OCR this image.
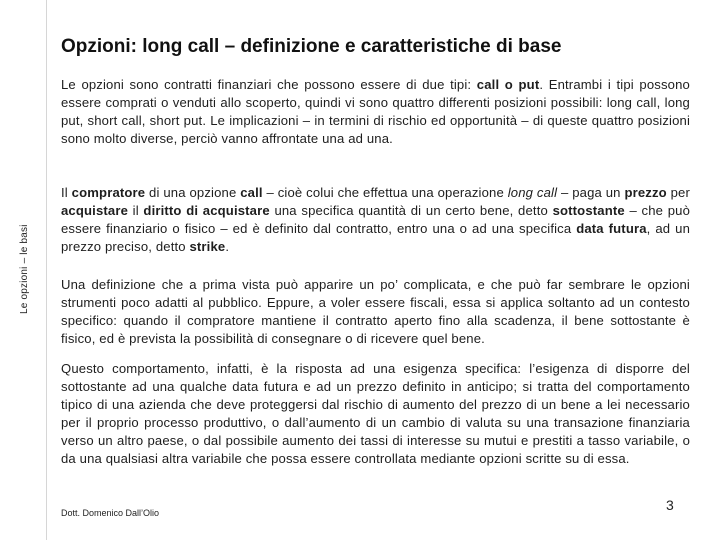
Le opzioni – le basi
Opzioni: long call – definizione e caratteristiche di base

Le opzioni sono contratti finanziari che possono essere di due tipi: call o put. Entrambi i tipi possono essere comprati o venduti allo scoperto, quindi vi sono quattro differenti posizioni possibili: long call, long put, short call, short put. Le implicazioni – in termini di rischio ed opportunità – di queste quattro posizioni sono molto diverse, perciò vanno affrontate una ad una.

Il compratore di una opzione call – cioè colui che effettua una operazione long call – paga un prezzo per acquistare il diritto di acquistare una specifica quantità di un certo bene, detto sottostante – che può essere finanziario o fisico – ed è definito dal contratto, entro una o ad una specifica data futura, ad un prezzo preciso, detto strike.

Una definizione che a prima vista può apparire un po’ complicata, e che può far sembrare le opzioni strumenti poco adatti al pubblico. Eppure, a voler essere fiscali, essa si applica soltanto ad un contesto specifico: quando il compratore mantiene il contratto aperto fino alla scadenza, il bene sottostante è fisico, ed è prevista la possibilità di consegnare o di ricevere quel bene.

Questo comportamento, infatti, è la risposta ad una esigenza specifica: l’esigenza di disporre del sottostante ad una qualche data futura e ad un prezzo definito in anticipo; si tratta del comportamento tipico di una azienda che deve proteggersi dal rischio di aumento del prezzo di un bene a lei necessario per il proprio processo produttivo, o dall’aumento di un cambio di valuta su una transazione finanziaria verso un altro paese, o dal possibile aumento dei tassi di interesse su mutui e prestiti a tasso variabile, o da una qualsiasi altra variabile che possa essere controllata mediante opzioni scritte su di essa.

Dott. Domenico Dall’Olio	3
